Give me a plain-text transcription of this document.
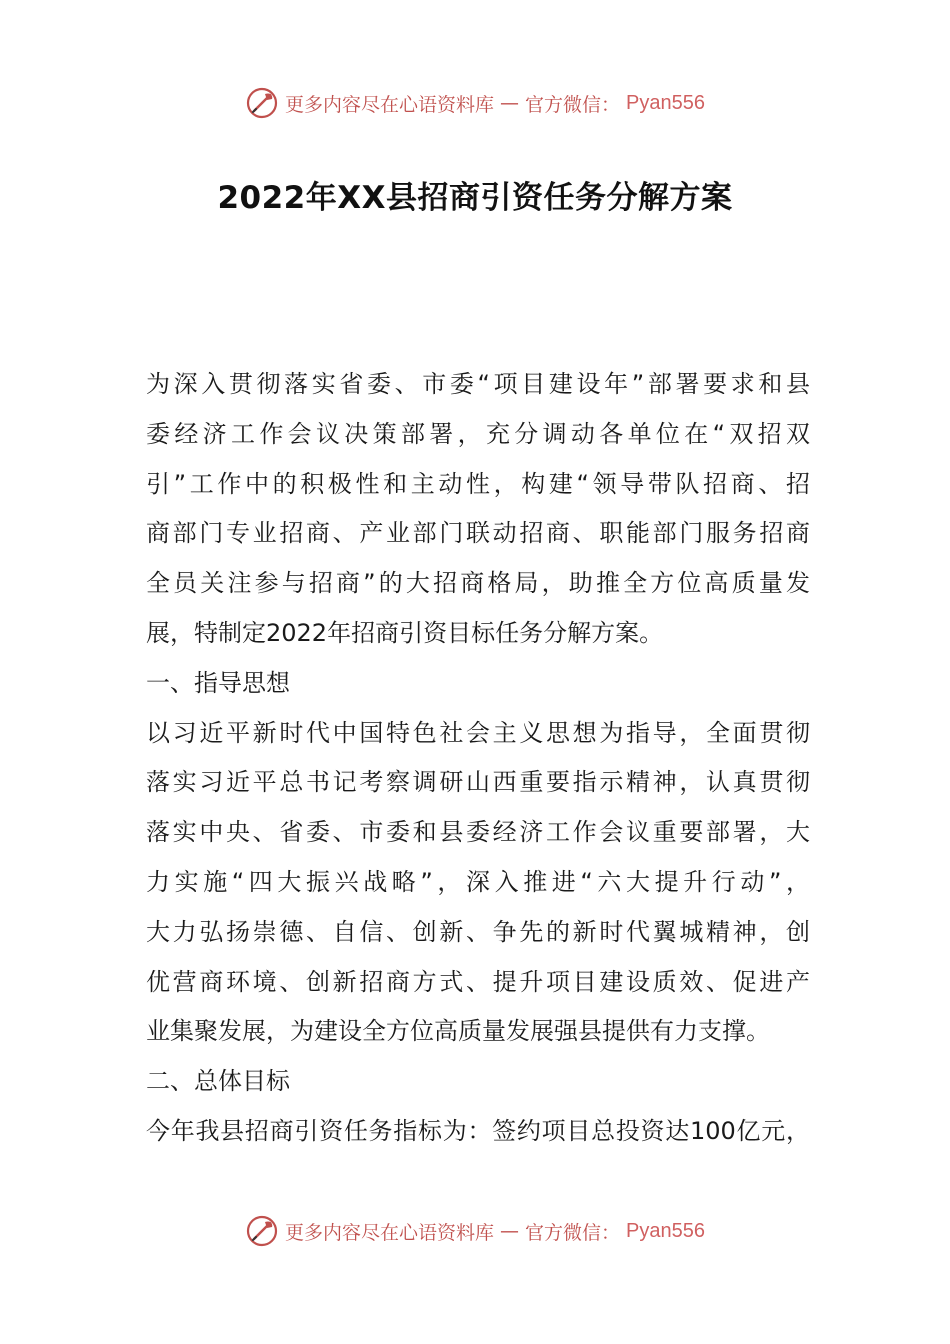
更多内容尽在心语资料库 — 官方微信： Pyan556
2022年XX县招商引资任务分解方案
为深入贯彻落实省委、市委“项目建设年”部署要求和县
委经济工作会议决策部署，充分调动各单位在“双招双
引”工作中的积极性和主动性，构建“领导带队招商、招
商部门专业招商、产业部门联动招商、职能部门服务招商
全员关注参与招商”的大招商格局，助推全方位高质量发
展，特制定2022年招商引资目标任务分解方案。
一、指导思想
以习近平新时代中国特色社会主义思想为指导，全面贯彻
落实习近平总书记考察调研山西重要指示精神，认真贯彻
落实中央、省委、市委和县委经济工作会议重要部署，大
力实施“四大振兴战略”，深入推进“六大提升行动”，
大力弘扬崇德、自信、创新、争先的新时代翼城精神，创
优营商环境、创新招商方式、提升项目建设质效、促进产
业集聚发展，为建设全方位高质量发展强县提供有力支撑。
二、总体目标
今年我县招商引资任务指标为：签约项目总投资达100亿元，
更多内容尽在心语资料库 — 官方微信： Pyan556
